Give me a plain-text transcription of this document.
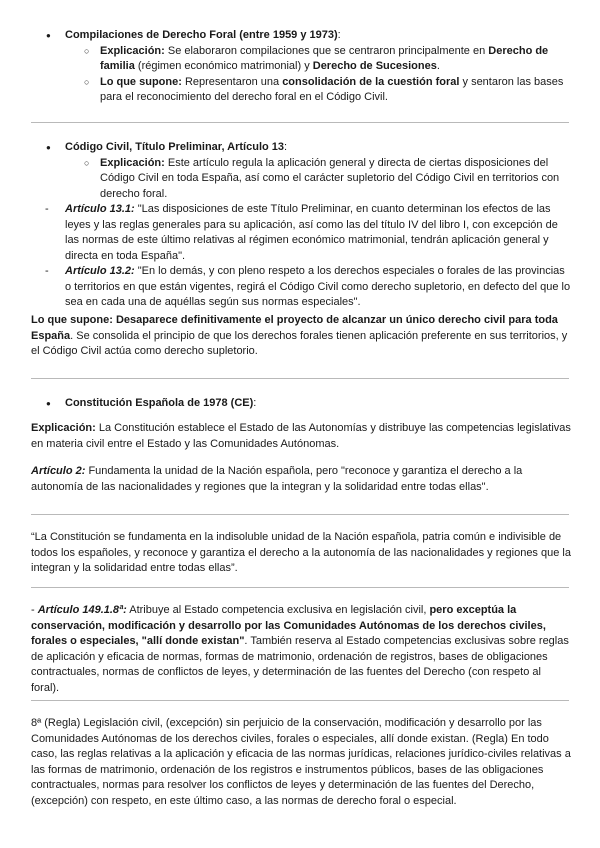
● Compilaciones de Derecho Foral (entre 1959 y 1973):

○ Explicación: Se elaboraron compilaciones que se centraron principalmente en Derecho de familia (régimen económico matrimonial) y Derecho de Sucesiones.

○ Lo que supone: Representaron una consolidación de la cuestión foral y sentaron las bases para el reconocimiento del derecho foral en el Código Civil.

● Código Civil, Título Preliminar, Artículo 13:

○ Explicación: Este artículo regula la aplicación general y directa de ciertas disposiciones del Código Civil en toda España, así como el carácter supletorio del Código Civil en territorios con derecho foral.

- Artículo 13.1: "Las disposiciones de este Título Preliminar, en cuanto determinan los efectos de las leyes y las reglas generales para su aplicación, así como las del título IV del libro I, con excepción de las normas de este último relativas al régimen económico matrimonial, tendrán aplicación general y directa en toda España".

- Artículo 13.2: "En lo demás, y con pleno respeto a los derechos especiales o forales de las provincias o territorios en que están vigentes, regirá el Código Civil como derecho supletorio, en defecto del que lo sea en cada una de aquéllas según sus normas especiales".

Lo que supone: Desaparece definitivamente el proyecto de alcanzar un único derecho civil para toda España. Se consolida el principio de que los derechos forales tienen aplicación preferente en sus territorios, y el Código Civil actúa como derecho supletorio.

● Constitución Española de 1978 (CE):

Explicación: La Constitución establece el Estado de las Autonomías y distribuye las competencias legislativas en materia civil entre el Estado y las Comunidades Autónomas.

Artículo 2: Fundamenta la unidad de la Nación española, pero "reconoce y garantiza el derecho a la autonomía de las nacionalidades y regiones que la integran y la solidaridad entre todas ellas".

“La Constitución se fundamenta en la indisoluble unidad de la Nación española, patria común e indivisible de todos los españoles, y reconoce y garantiza el derecho a la autonomía de las nacionalidades y regiones que la integran y la solidaridad entre todas ellas”.

- Artículo 149.1.8ª: Atribuye al Estado competencia exclusiva en legislación civil, pero exceptúa la conservación, modificación y desarrollo por las Comunidades Autónomas de los derechos civiles, forales o especiales, "allí donde existan". También reserva al Estado competencias exclusivas sobre reglas de aplicación y eficacia de normas, formas de matrimonio, ordenación de registros, bases de obligaciones contractuales, normas de conflictos de leyes, y determinación de las fuentes del Derecho (con respeto al foral).

8ª (Regla) Legislación civil, (excepción) sin perjuicio de la conservación, modificación y desarrollo por las Comunidades Autónomas de los derechos civiles, forales o especiales, allí donde existan. (Regla) En todo caso, las reglas relativas a la aplicación y eficacia de las normas jurídicas, relaciones jurídico-civiles relativas a las formas de matrimonio, ordenación de los registros e instrumentos públicos, bases de las obligaciones contractuales, normas para resolver los conflictos de leyes y determinación de las fuentes del Derecho, (excepción) con respeto, en este último caso, a las normas de derecho foral o especial.
